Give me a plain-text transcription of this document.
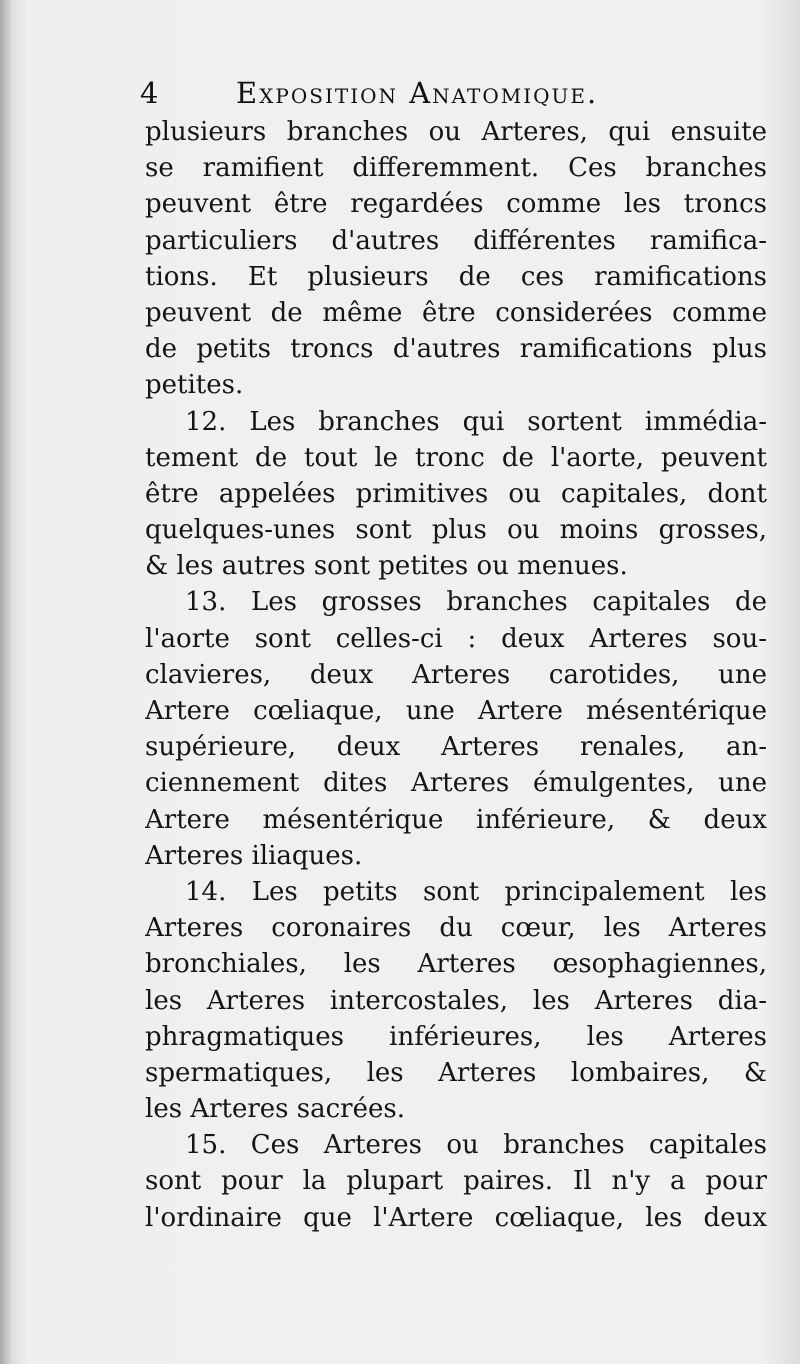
4	Exposition Anatomique.
plusieurs branches ou Arteres, qui ensuite
se ramifient differemment. Ces branches
peuvent être regardées comme les troncs
particuliers d'autres différentes ramifica-
tions. Et plusieurs de ces ramifications
peuvent de même être considerées comme
de petits troncs d'autres ramifications plus
petites.
12. Les branches qui sortent immédia-
tement de tout le tronc de l'aorte, peuvent
être appelées primitives ou capitales, dont
quelques-unes sont plus ou moins grosses,
& les autres sont petites ou menues.
13. Les grosses branches capitales de
l'aorte sont celles-ci : deux Arteres sou-
clavieres, deux Arteres carotides, une
Artere cœliaque, une Artere mésentérique
supérieure, deux Arteres renales, an-
ciennement dites Arteres émulgentes, une
Artere mésentérique inférieure, & deux
Arteres iliaques.
14. Les petits sont principalement les
Arteres coronaires du cœur, les Arteres
bronchiales, les Arteres œsophagiennes,
les Arteres intercostales, les Arteres dia-
phragmatiques inférieures, les Arteres
spermatiques, les Arteres lombaires, &
les Arteres sacrées.
15. Ces Arteres ou branches capitales
sont pour la plupart paires. Il n'y a pour
l'ordinaire que l'Artere cœliaque, les deux
